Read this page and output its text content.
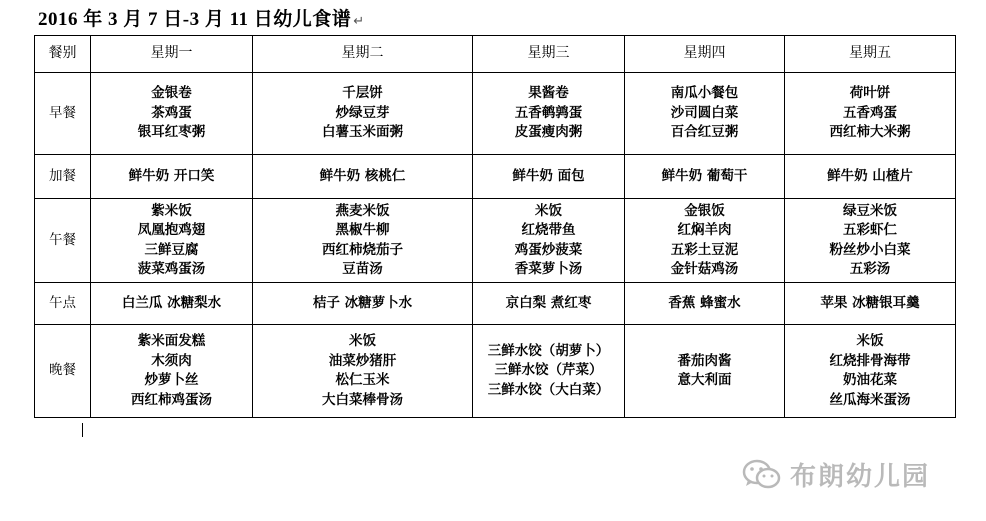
2016 年 3 月 7 日-3 月 11 日幼儿食谱 ↵
餐别	星期一	星期二	星期三	星期四	星期五
早餐	金银卷
茶鸡蛋
银耳红枣粥	千层饼
炒绿豆芽
白薯玉米面粥	果酱卷
五香鹌鹑蛋
皮蛋瘦肉粥	南瓜小餐包
沙司圆白菜
百合红豆粥	荷叶饼
五香鸡蛋
西红柿大米粥

加餐	鲜牛奶 开口笑	鲜牛奶 核桃仁	鲜牛奶 面包	鲜牛奶 葡萄干	鲜牛奶 山楂片

午餐	紫米饭
凤凰抱鸡翅
三鲜豆腐
菠菜鸡蛋汤	燕麦米饭
黑椒牛柳
西红柿烧茄子
豆苗汤	米饭
红烧带鱼
鸡蛋炒菠菜
香菜萝卜汤	金银饭
红焖羊肉
五彩土豆泥
金针菇鸡汤	绿豆米饭
五彩虾仁
粉丝炒小白菜
五彩汤

午点	白兰瓜 冰糖梨水	桔子 冰糖萝卜水	京白梨 煮红枣	香蕉 蜂蜜水	苹果 冰糖银耳羹

晚餐	紫米面发糕
木须肉
炒萝卜丝
西红柿鸡蛋汤	米饭
油菜炒猪肝
松仁玉米
大白菜棒骨汤	三鲜水饺（胡萝卜）
三鲜水饺（芹菜）
三鲜水饺（大白菜）	番茄肉酱
意大利面	米饭
红烧排骨海带
奶油花菜
丝瓜海米蛋汤
布朗幼儿园
